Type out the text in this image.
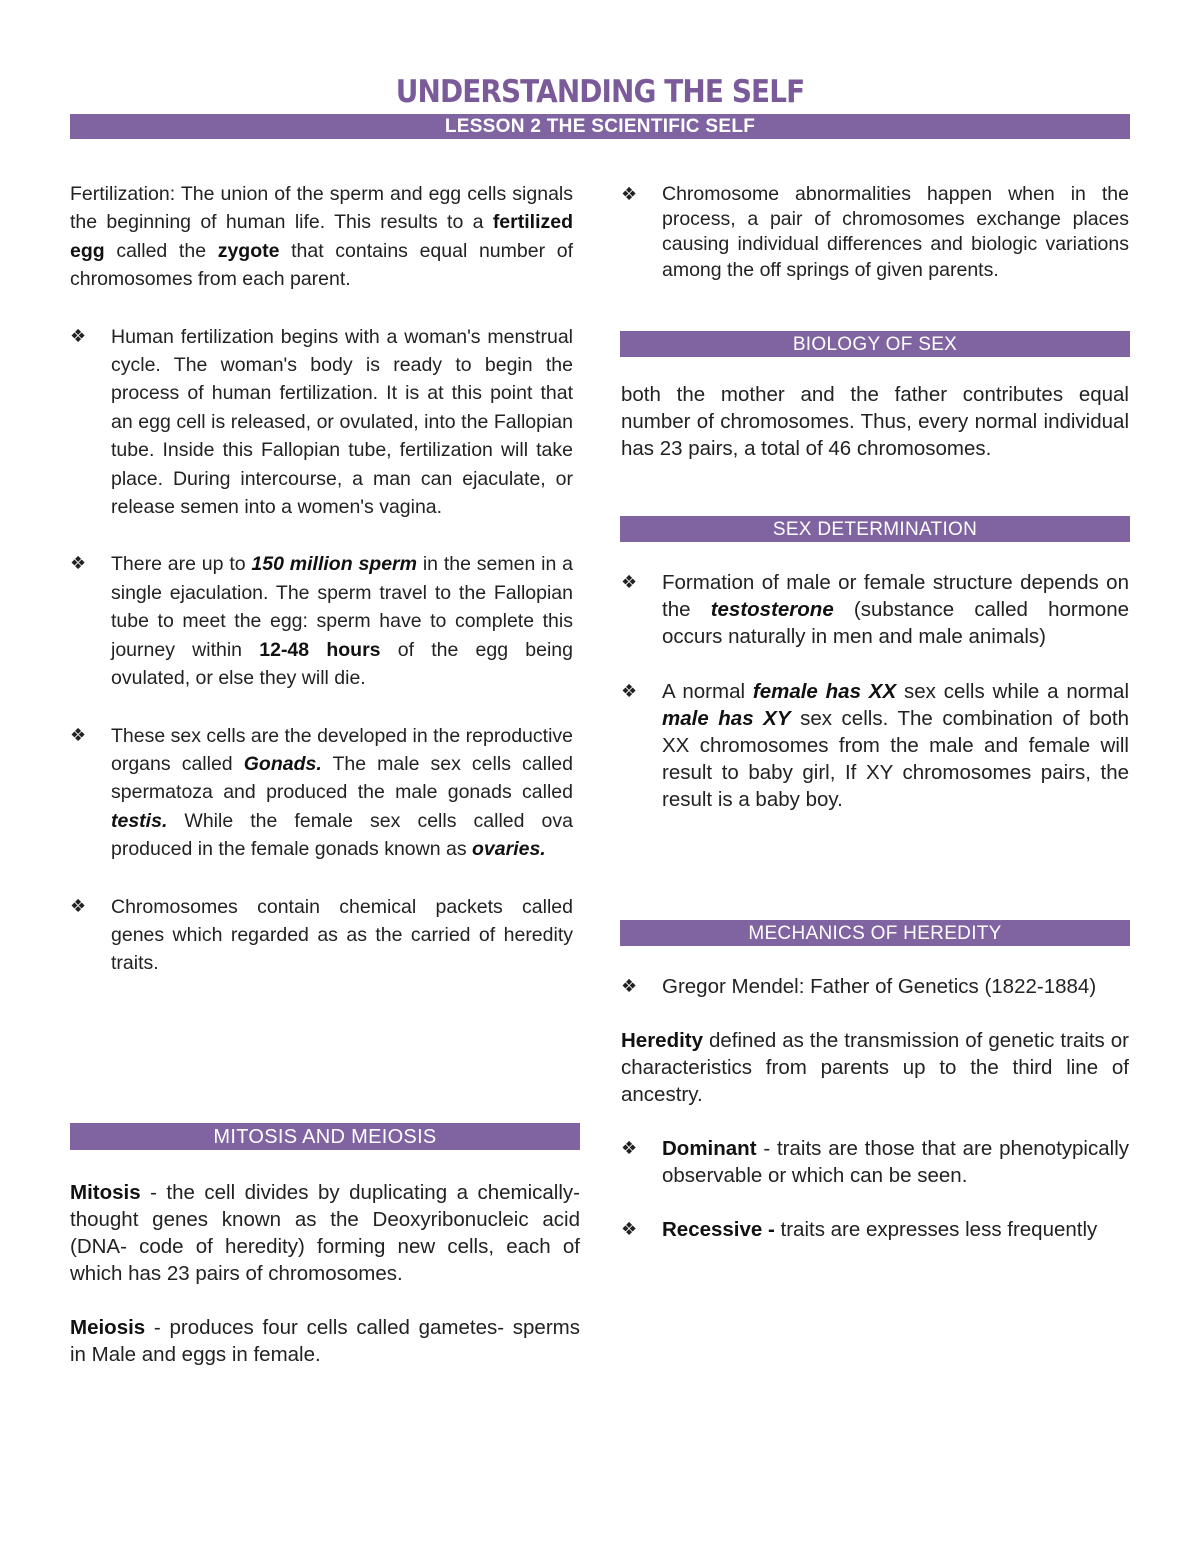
UNDERSTANDING THE SELF
LESSON 2 THE SCIENTIFIC SELF

Fertilization: The union of the sperm and egg cells signals the beginning of human life. This results to a fertilized egg called the zygote that contains equal number of chromosomes from each parent.

❖ Human fertilization begins with a woman's menstrual cycle. The woman's body is ready to begin the process of human fertilization. It is at this point that an egg cell is released, or ovulated, into the Fallopian tube. Inside this Fallopian tube, fertilization will take place. During intercourse, a man can ejaculate, or release semen into a women's vagina.
❖ There are up to 150 million sperm in the semen in a single ejaculation. The sperm travel to the Fallopian tube to meet the egg: sperm have to complete this journey within 12-48 hours of the egg being ovulated, or else they will die.
❖ These sex cells are the developed in the reproductive organs called Gonads. The male sex cells called spermatoza and produced the male gonads called testis. While the female sex cells called ova produced in the female gonads known as ovaries.
❖ Chromosomes contain chemical packets called genes which regarded as as the carried of heredity traits.
MITOSIS AND MEIOSIS

Mitosis - the cell divides by duplicating a chemically-thought genes known as the Deoxyribonucleic acid (DNA- code of heredity) forming new cells, each of which has 23 pairs of chromosomes.

Meiosis - produces four cells called gametes- sperms in Male and eggs in female.

❖ Chromosome abnormalities happen when in the process, a pair of chromosomes exchange places causing individual differences and biologic variations among the off springs of given parents.
BIOLOGY OF SEX
both the mother and the father contributes equal number of chromosomes. Thus, every normal individual has 23 pairs, a total of 46 chromosomes.
SEX DETERMINATION
❖ Formation of male or female structure depends on the testosterone (substance called hormone occurs naturally in men and male animals)
❖ A normal female has XX sex cells while a normal male has XY sex cells. The combination of both XX chromosomes from the male and female will result to baby girl, If XY chromosomes pairs, the result is a baby boy.
MECHANICS OF HEREDITY
❖ Gregor Mendel: Father of Genetics (1822-1884)

Heredity defined as the transmission of genetic traits or characteristics from parents up to the third line of ancestry.

❖ Dominant - traits are those that are phenotypically observable or which can be seen.
❖ Recessive - traits are expresses less frequently
